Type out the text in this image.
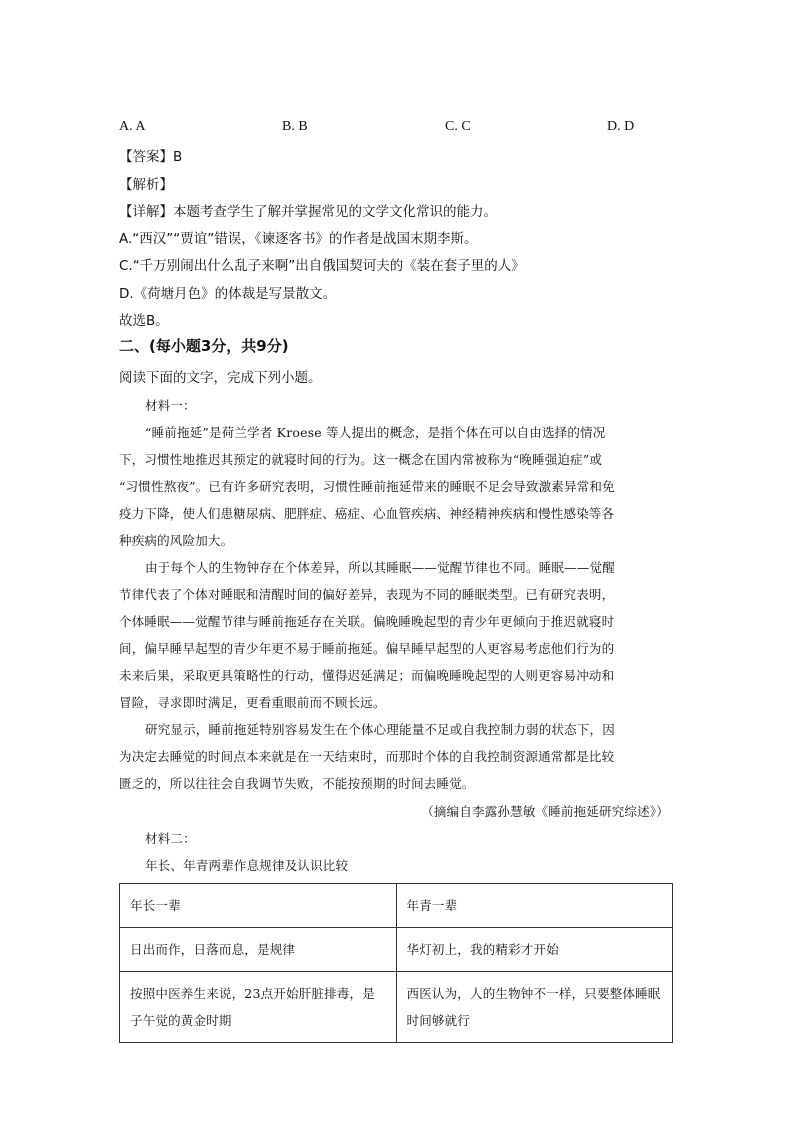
A. A	B. B	C. C	D. D
【答案】B
【解析】
【详解】本题考查学生了解并掌握常见的文学文化常识的能力。
A.“西汉”“贾谊”错误，《谏逐客书》的作者是战国末期李斯。
C.“千万别闹出什么乱子来啊”出自俄国契诃夫的《装在套子里的人》
D.《荷塘月色》的体裁是写景散文。
故选B。
二、(每小题3分，共9分)
阅读下面的文字，完成下列小题。
材料一：
“睡前拖延”是荷兰学者 Kroese 等人提出的概念，是指个体在可以自由选择的情况
下，习惯性地推迟其预定的就寝时间的行为。这一概念在国内常被称为“晚睡强迫症”或
“习惯性熬夜”。已有许多研究表明，习惯性睡前拖延带来的睡眠不足会导致激素异常和免
疫力下降，使人们患糖尿病、肥胖症、癌症、心血管疾病、神经精神疾病和慢性感染等各
种疾病的风险加大。
由于每个人的生物钟存在个体差异，所以其睡眠——觉醒节律也不同。睡眠——觉醒
节律代表了个体对睡眠和清醒时间的偏好差异，表现为不同的睡眠类型。已有研究表明，
个体睡眠——觉醒节律与睡前拖延存在关联。偏晚睡晚起型的青少年更倾向于推迟就寝时
间，偏早睡早起型的青少年更不易于睡前拖延。偏早睡早起型的人更容易考虑他们行为的
未来后果，采取更具策略性的行动，懂得迟延满足；而偏晚睡晚起型的人则更容易冲动和
冒险，寻求即时满足，更看重眼前而不顾长远。
研究显示，睡前拖延特别容易发生在个体心理能量不足或自我控制力弱的状态下，因
为决定去睡觉的时间点本来就是在一天结束时，而那时个体的自我控制资源通常都是比较
匮乏的，所以往往会自我调节失败，不能按预期的时间去睡觉。
（摘编自李露孙慧敏《睡前拖延研究综述》）
材料二：
年长、年青两辈作息规律及认识比较
年长一辈	年青一辈
日出而作，日落而息，是规律	华灯初上，我的精彩才开始
按照中医养生来说，23点开始肝脏排毒，是子午觉的黄金时期	西医认为，人的生物钟不一样，只要整体睡眠时间够就行
